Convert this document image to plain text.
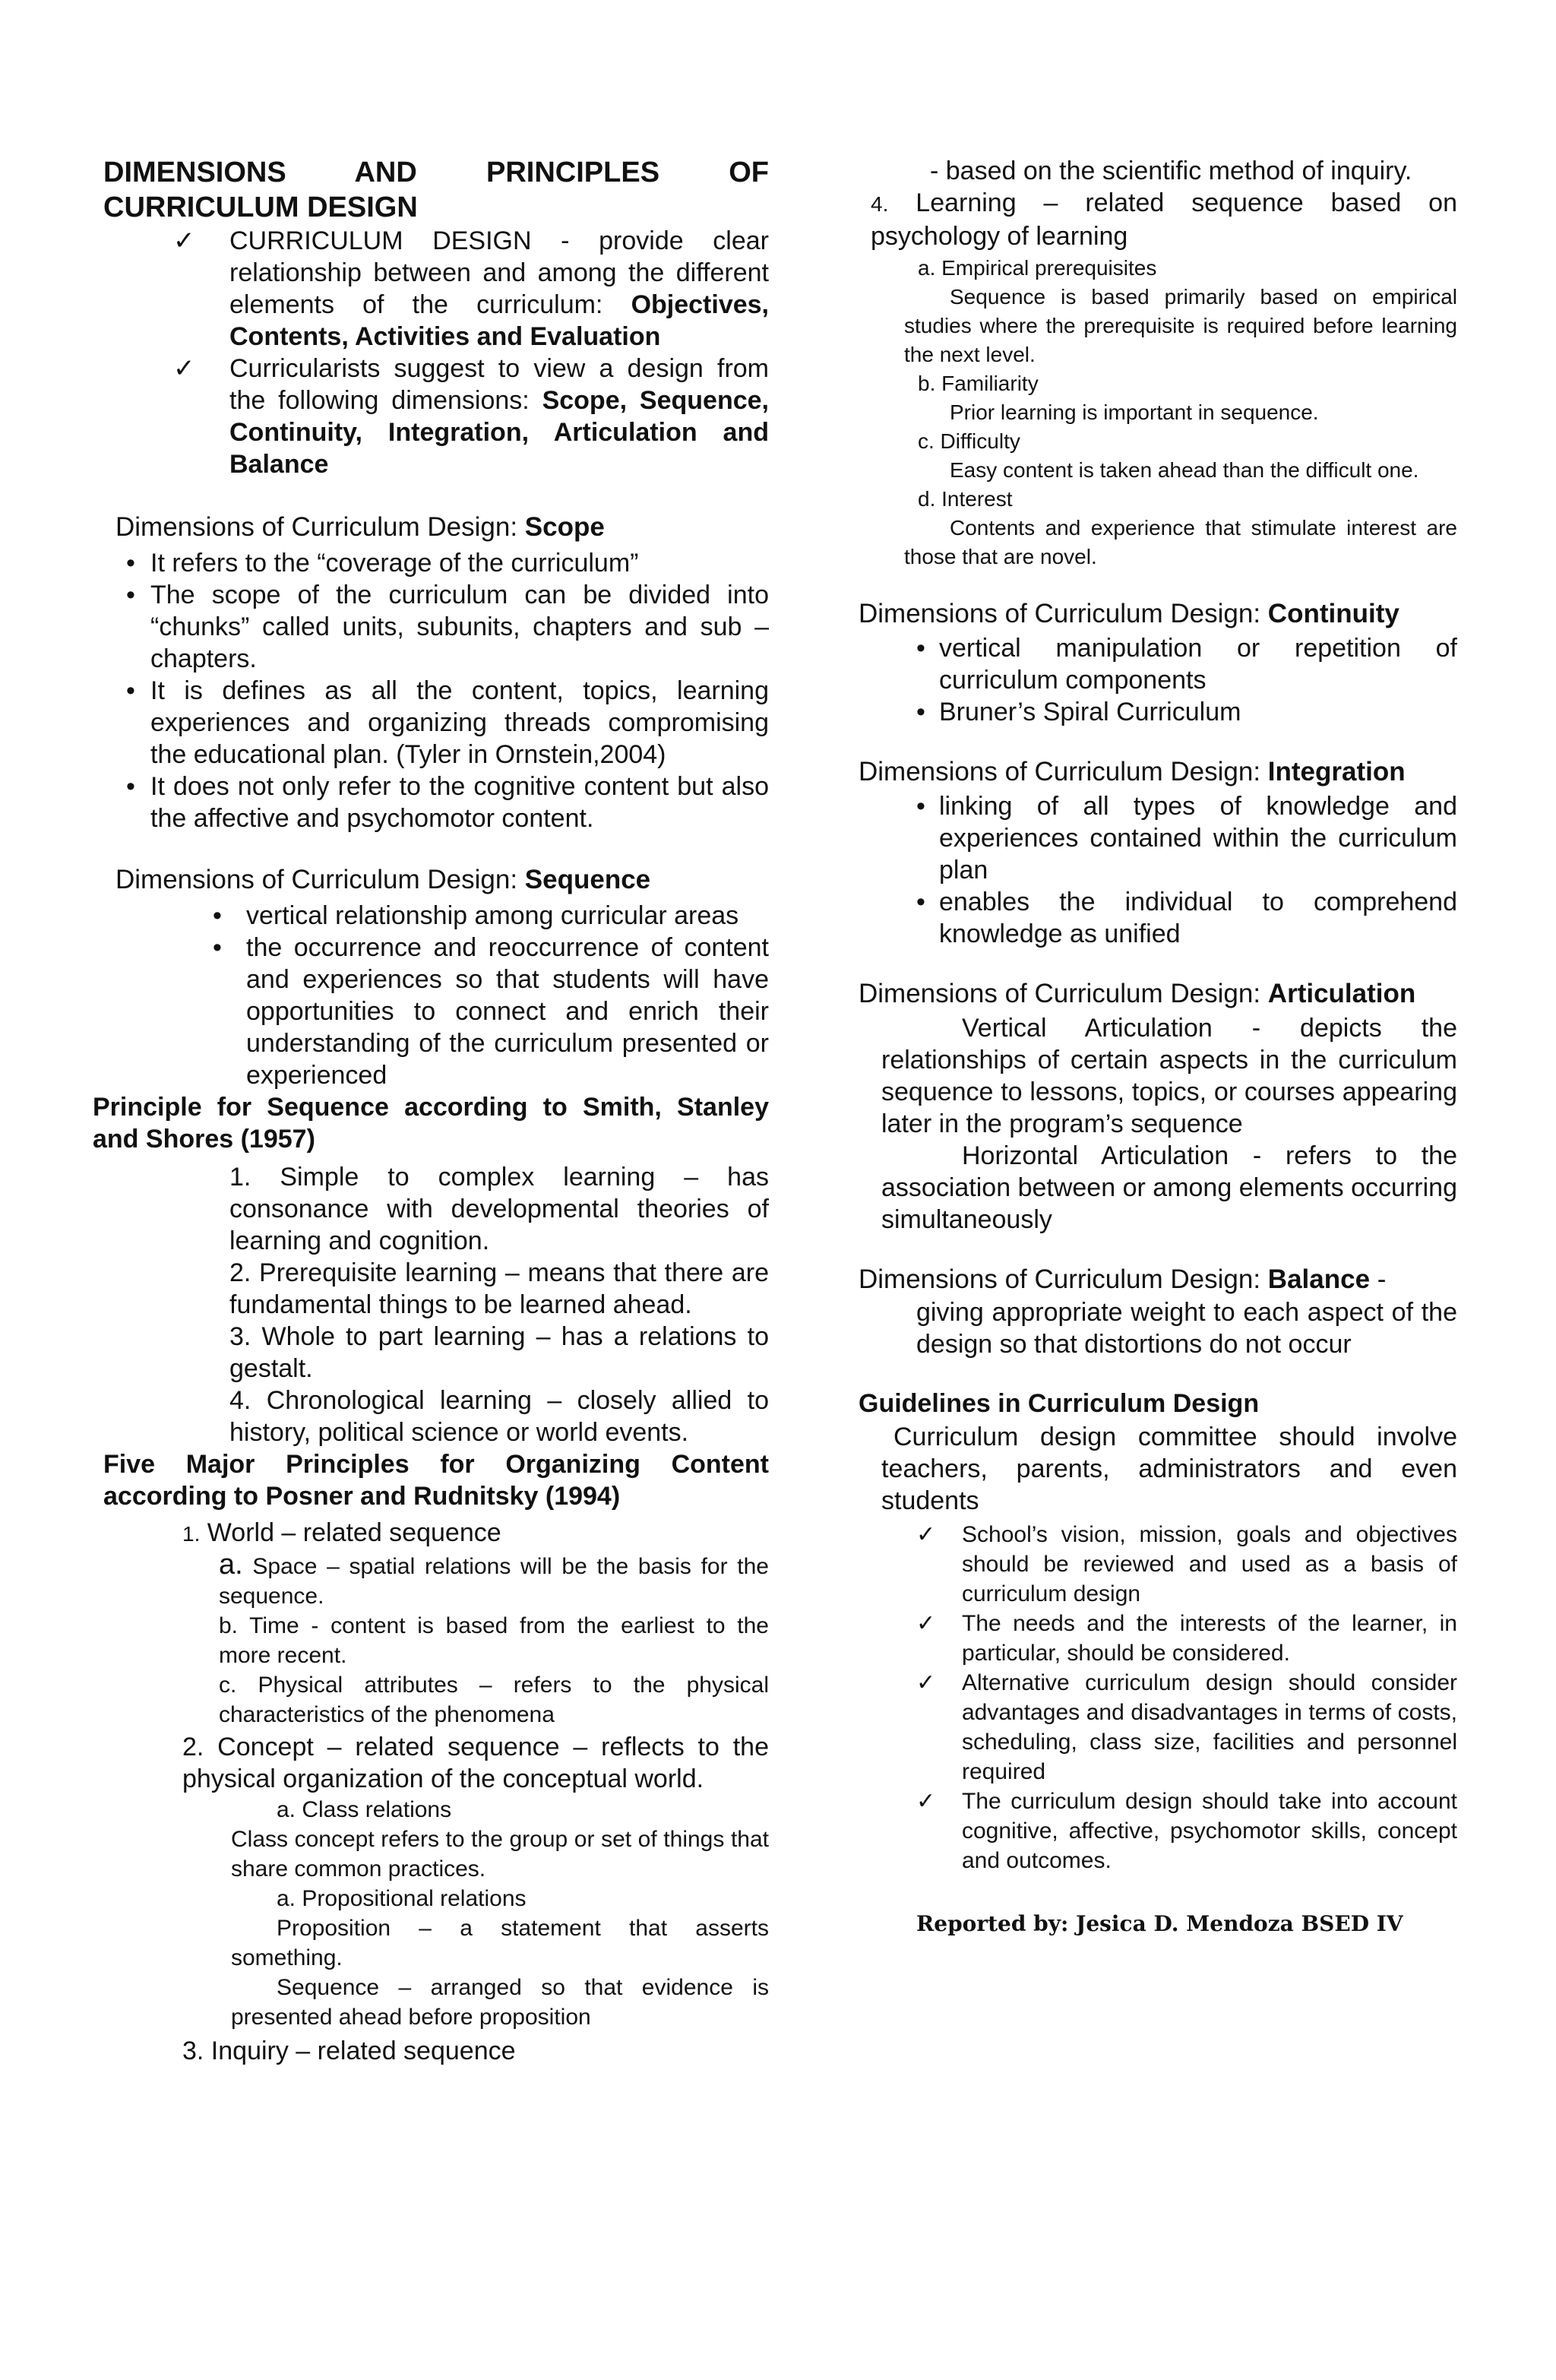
DIMENSIONS AND PRINCIPLES OF
CURRICULUM DESIGN
✓ CURRICULUM DESIGN - provide clear relationship between and among the different elements of the curriculum: Objectives, Contents, Activities and Evaluation
✓ Curricularists suggest to view a design from the following dimensions: Scope, Sequence, Continuity, Integration, Articulation and Balance
Dimensions of Curriculum Design: Scope
• It refers to the “coverage of the curriculum”
• The scope of the curriculum can be divided into “chunks” called units, subunits, chapters and sub – chapters.
• It is defines as all the content, topics, learning experiences and organizing threads compromising the educational plan. (Tyler in Ornstein,2004)
• It does not only refer to the cognitive content but also the affective and psychomotor content.
Dimensions of Curriculum Design: Sequence
• vertical relationship among curricular areas
• the occurrence and reoccurrence of content and experiences so that students will have opportunities to connect and enrich their understanding of the curriculum presented or experienced
Principle for Sequence according to Smith, Stanley and Shores (1957)
1. Simple to complex learning – has consonance with developmental theories of learning and cognition.
2. Prerequisite learning – means that there are fundamental things to be learned ahead.
3. Whole to part learning – has a relations to gestalt.
4. Chronological learning – closely allied to history, political science or world events.
Five Major Principles for Organizing Content according to Posner and Rudnitsky (1994)
1. World – related sequence
a. Space – spatial relations will be the basis for the sequence.
b. Time - content is based from the earliest to the more recent.
c. Physical attributes – refers to the physical characteristics of the phenomena
2. Concept – related sequence – reflects to the physical organization of the conceptual world.
a. Class relations
Class concept refers to the group or set of things that share common practices.
a. Propositional relations
Proposition – a statement that asserts something.
Sequence – arranged so that evidence is presented ahead before proposition
3. Inquiry – related sequence
- based on the scientific method of inquiry.
4. Learning – related sequence based on psychology of learning
a. Empirical prerequisites
Sequence is based primarily based on empirical studies where the prerequisite is required before learning the next level.
b. Familiarity
Prior learning is important in sequence.
c. Difficulty
Easy content is taken ahead than the difficult one.
d. Interest
Contents and experience that stimulate interest are those that are novel.
Dimensions of Curriculum Design: Continuity
• vertical manipulation or repetition of curriculum components
• Bruner’s Spiral Curriculum
Dimensions of Curriculum Design: Integration
• linking of all types of knowledge and experiences contained within the curriculum plan
• enables the individual to comprehend knowledge as unified
Dimensions of Curriculum Design: Articulation
Vertical Articulation - depicts the relationships of certain aspects in the curriculum sequence to lessons, topics, or courses appearing later in the program’s sequence
Horizontal Articulation - refers to the association between or among elements occurring simultaneously
Dimensions of Curriculum Design: Balance -
giving appropriate weight to each aspect of the design so that distortions do not occur
Guidelines in Curriculum Design
Curriculum design committee should involve teachers, parents, administrators and even students
✓ School’s vision, mission, goals and objectives should be reviewed and used as a basis of curriculum design
✓ The needs and the interests of the learner, in particular, should be considered.
✓ Alternative curriculum design should consider advantages and disadvantages in terms of costs, scheduling, class size, facilities and personnel required
✓ The curriculum design should take into account cognitive, affective, psychomotor skills, concept and outcomes.
Reported by: Jesica D. Mendoza BSED IV
